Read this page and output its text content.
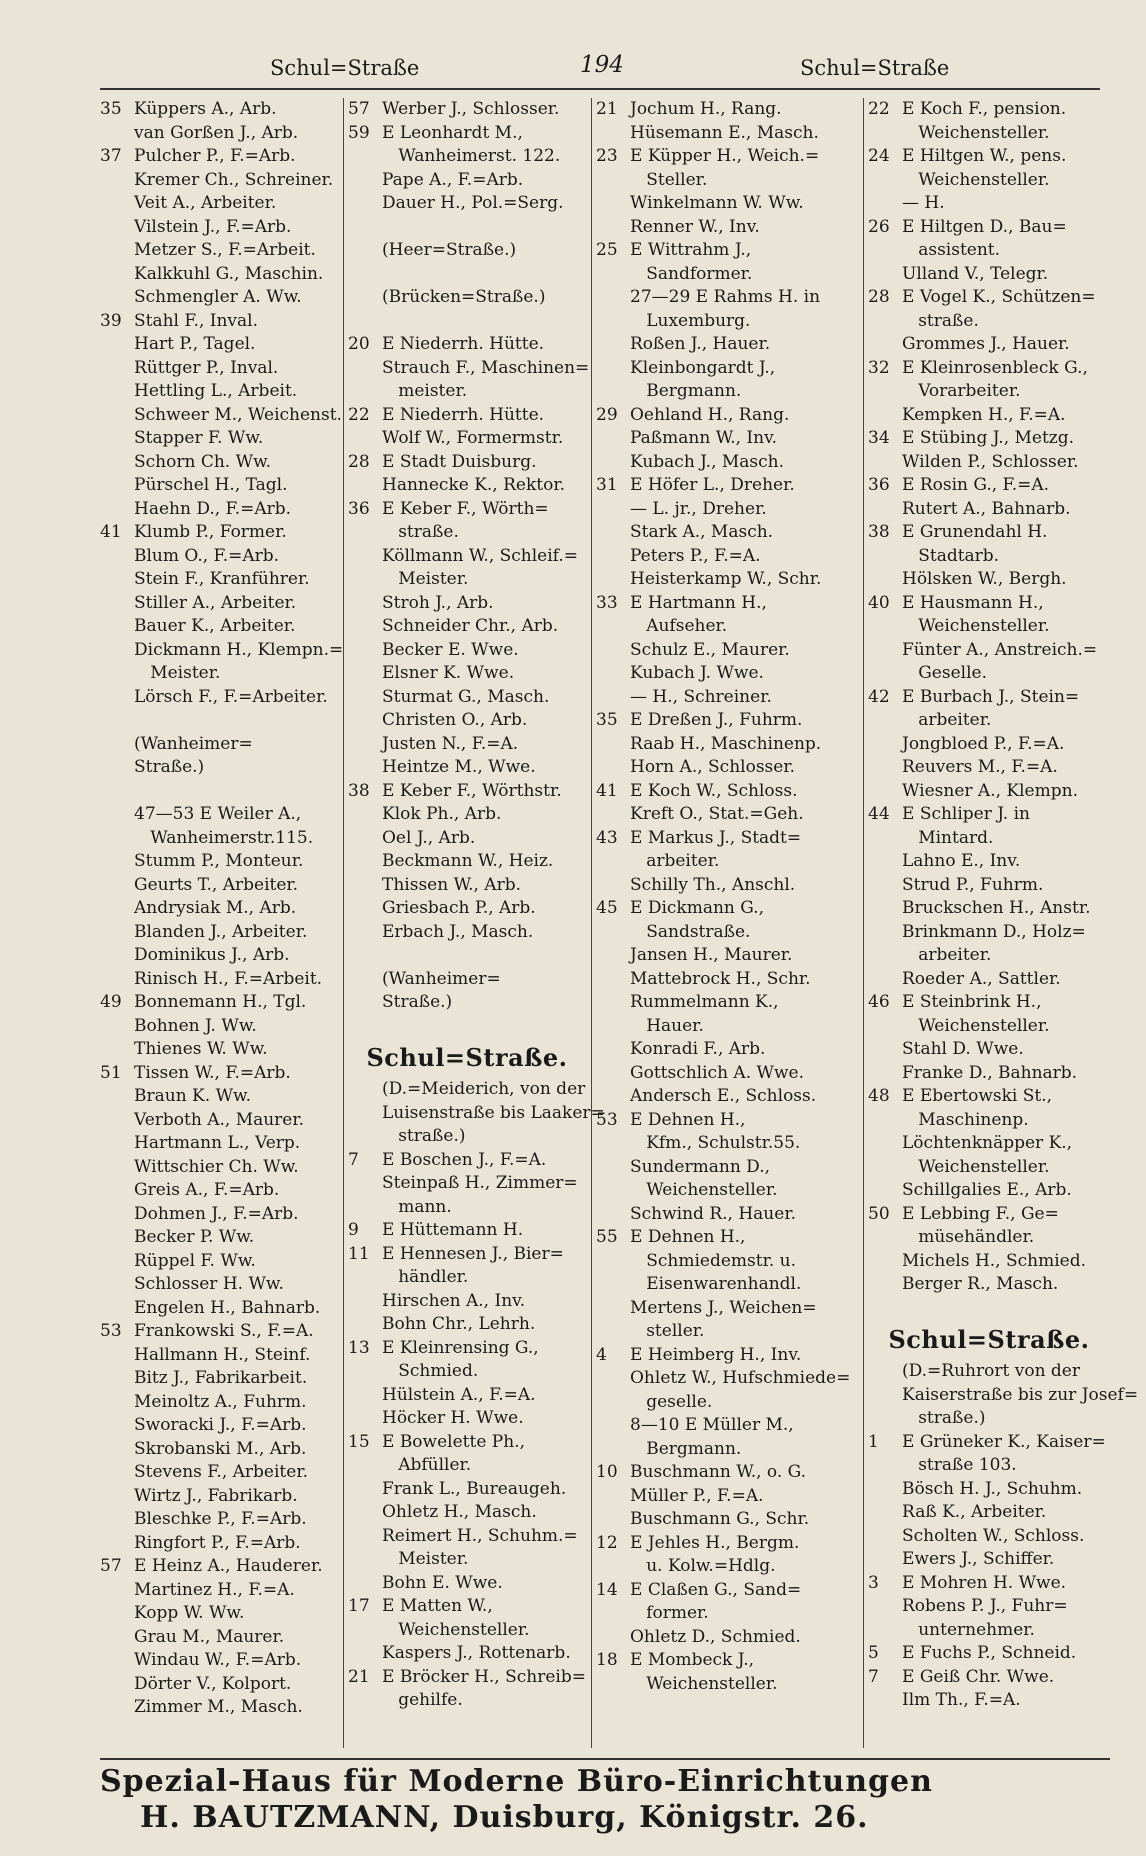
Schul=Straße	194	Schul=Straße
35 Küppers A., Arb.
van Gorßen J., Arb.
37 Pulcher P., F.=Arb.
Kremer Ch., Schreiner.
Veit A., Arbeiter.
Vilstein J., F.=Arb.
Metzer S., F.=Arbeit.
Kalkkuhl G., Maschin.
Schmengler A. Ww.
39 Stahl F., Inval.
Hart P., Tagel.
Rüttger P., Inval.
Hettling L., Arbeit.
Schweer M., Weichenst.
Stapper F. Ww.
Schorn Ch. Ww.
Pürschel H., Tagl.
Haehn D., F.=Arb.
41 Klumb P., Former.
Blum O., F.=Arb.
Stein F., Kranführer.
Stiller A., Arbeiter.
Bauer K., Arbeiter.
Dickmann H., Klempn.=
Meister.
Lörsch F., F.=Arbeiter.
(Wanheimer=
Straße.)
47—53 E Weiler A.,
Wanheimerstr.115.
Stumm P., Monteur.
Geurts T., Arbeiter.
Andrysiak M., Arb.
Blanden J., Arbeiter.
Dominikus J., Arb.
Rinisch H., F.=Arbeit.
49 Bonnemann H., Tgl.
Bohnen J. Ww.
Thienes W. Ww.
51 Tissen W., F.=Arb.
Braun K. Ww.
Verboth A., Maurer.
Hartmann L., Verp.
Wittschier Ch. Ww.
Greis A., F.=Arb.
Dohmen J., F.=Arb.
Becker P. Ww.
Rüppel F. Ww.
Schlosser H. Ww.
Engelen H., Bahnarb.
53 Frankowski S., F.=A.
Hallmann H., Steinf.
Bitz J., Fabrikarbeit.
Meinoltz A., Fuhrm.
Sworacki J., F.=Arb.
Skrobanski M., Arb.
Stevens F., Arbeiter.
Wirtz J., Fabrikarb.
Bleschke P., F.=Arb.
Ringfort P., F.=Arb.
57 E Heinz A., Hauderer.
Martinez H., F.=A.
Kopp W. Ww.
Grau M., Maurer.
Windau W., F.=Arb.
Dörter V., Kolport.
Zimmer M., Masch.
57 Werber J., Schlosser.
59 E Leonhardt M.,
Wanheimerst. 122.
Pape A., F.=Arb.
Dauer H., Pol.=Serg.
(Heer=Straße.)
(Brücken=Straße.)
20 E Niederrh. Hütte.
Strauch F., Maschinen=
meister.
22 E Niederrh. Hütte.
Wolf W., Formermstr.
28 E Stadt Duisburg.
Hannecke K., Rektor.
36 E Keber F., Wörth=
straße.
Köllmann W., Schleif.=
Meister.
Stroh J., Arb.
Schneider Chr., Arb.
Becker E. Wwe.
Elsner K. Wwe.
Sturmat G., Masch.
Christen O., Arb.
Justen N., F.=A.
Heintze M., Wwe.
38 E Keber F., Wörthstr.
Klok Ph., Arb.
Oel J., Arb.
Beckmann W., Heiz.
Thissen W., Arb.
Griesbach P., Arb.
Erbach J., Masch.
(Wanheimer=
Straße.)
Schul=Straße.
(D.=Meiderich, von der
Luisenstraße bis Laaker=
straße.)
7 E Boschen J., F.=A.
Steinpaß H., Zimmer=
mann.
9 E Hüttemann H.
11 E Hennesen J., Bier=
händler.
Hirschen A., Inv.
Bohn Chr., Lehrh.
13 E Kleinrensing G.,
Schmied.
Hülstein A., F.=A.
Höcker H. Wwe.
15 E Bowelette Ph.,
Abfüller.
Frank L., Bureaugeh.
Ohletz H., Masch.
Reimert H., Schuhm.=
Meister.
Bohn E. Wwe.
17 E Matten W.,
Weichensteller.
Kaspers J., Rottenarb.
21 E Bröcker H., Schreib=
gehilfe.
21 Jochum H., Rang.
Hüsemann E., Masch.
23 E Küpper H., Weich.=
Steller.
Winkelmann W. Ww.
Renner W., Inv.
25 E Wittrahm J.,
Sandformer.
27—29 E Rahms H. in
Luxemburg.
Roßen J., Hauer.
Kleinbongardt J.,
Bergmann.
29 Oehland H., Rang.
Paßmann W., Inv.
Kubach J., Masch.
31 E Höfer L., Dreher.
— L. jr., Dreher.
Stark A., Masch.
Peters P., F.=A.
Heisterkamp W., Schr.
33 E Hartmann H.,
Aufseher.
Schulz E., Maurer.
Kubach J. Wwe.
— H., Schreiner.
35 E Dreßen J., Fuhrm.
Raab H., Maschinenp.
Horn A., Schlosser.
41 E Koch W., Schloss.
Kreft O., Stat.=Geh.
43 E Markus J., Stadt=
arbeiter.
Schilly Th., Anschl.
45 E Dickmann G.,
Sandstraße.
Jansen H., Maurer.
Mattebrock H., Schr.
Rummelmann K.,
Hauer.
Konradi F., Arb.
Gottschlich A. Wwe.
Andersch E., Schloss.
53 E Dehnen H.,
Kfm., Schulstr.55.
Sundermann D.,
Weichensteller.
Schwind R., Hauer.
55 E Dehnen H.,
Schmiedemstr. u.
Eisenwarenhandl.
Mertens J., Weichen=
steller.
4 E Heimberg H., Inv.
Ohletz W., Hufschmiede=
geselle.
8—10 E Müller M.,
Bergmann.
10 Buschmann W., o. G.
Müller P., F.=A.
Buschmann G., Schr.
12 E Jehles H., Bergm.
u. Kolw.=Hdlg.
14 E Claßen G., Sand=
former.
Ohletz D., Schmied.
18 E Mombeck J.,
Weichensteller.
22 E Koch F., pension.
Weichensteller.
24 E Hiltgen W., pens.
Weichensteller.
— H.
26 E Hiltgen D., Bau=
assistent.
Ulland V., Telegr.
28 E Vogel K., Schützen=
straße.
Grommes J., Hauer.
32 E Kleinrosenbleck G.,
Vorarbeiter.
Kempken H., F.=A.
34 E Stübing J., Metzg.
Wilden P., Schlosser.
36 E Rosin G., F.=A.
Rutert A., Bahnarb.
38 E Grunendahl H.
Stadtarb.
Hölsken W., Bergh.
40 E Hausmann H.,
Weichensteller.
Fünter A., Anstreich.=
Geselle.
42 E Burbach J., Stein=
arbeiter.
Jongbloed P., F.=A.
Reuvers M., F.=A.
Wiesner A., Klempn.
44 E Schliper J. in
Mintard.
Lahno E., Inv.
Strud P., Fuhrm.
Bruckschen H., Anstr.
Brinkmann D., Holz=
arbeiter.
Roeder A., Sattler.
46 E Steinbrink H.,
Weichensteller.
Stahl D. Wwe.
Franke D., Bahnarb.
48 E Ebertowski St.,
Maschinenp.
Löchtenknäpper K.,
Weichensteller.
Schillgalies E., Arb.
50 E Lebbing F., Ge=
müsehändler.
Michels H., Schmied.
Berger R., Masch.
Schul=Straße.
(D.=Ruhrort von der
Kaiserstraße bis zur Josef=
straße.)
1 E Grüneker K., Kaiser=
straße 103.
Bösch H. J., Schuhm.
Raß K., Arbeiter.
Scholten W., Schloss.
Ewers J., Schiffer.
3 E Mohren H. Wwe.
Robens P. J., Fuhr=
unternehmer.
5 E Fuchs P., Schneid.
7 E Geiß Chr. Wwe.
Ilm Th., F.=A.
Spezial-Haus für Moderne Büro-Einrichtungen
H. BAUTZMANN, Duisburg, Königstr. 26.
